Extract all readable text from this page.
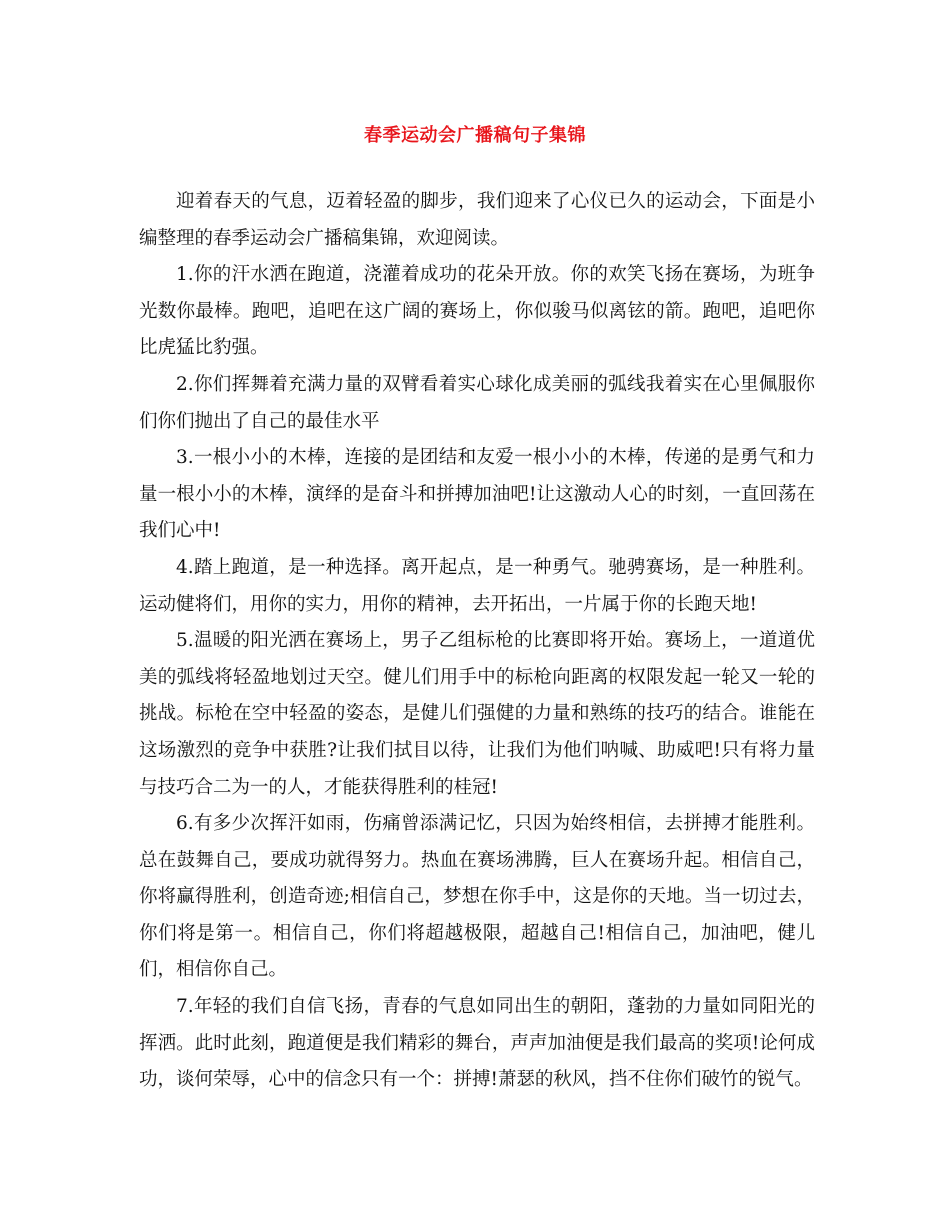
春季运动会广播稿句子集锦

迎着春天的气息，迈着轻盈的脚步，我们迎来了心仪已久的运动会，下面是小编整理的春季运动会广播稿集锦，欢迎阅读。

1.你的汗水洒在跑道，浇灌着成功的花朵开放。你的欢笑飞扬在赛场，为班争光数你最棒。跑吧，追吧在这广阔的赛场上，你似骏马似离铉的箭。跑吧，追吧你比虎猛比豹强。

2.你们挥舞着充满力量的双臂看着实心球化成美丽的弧线我着实在心里佩服你们你们抛出了自己的最佳水平

3.一根小小的木棒，连接的是团结和友爱一根小小的木棒，传递的是勇气和力量一根小小的木棒，演绎的是奋斗和拼搏加油吧!让这激动人心的时刻，一直回荡在我们心中!

4.踏上跑道，是一种选择。离开起点，是一种勇气。驰骋赛场，是一种胜利。运动健将们，用你的实力，用你的精神，去开拓出，一片属于你的长跑天地!

5.温暖的阳光洒在赛场上，男子乙组标枪的比赛即将开始。赛场上，一道道优美的弧线将轻盈地划过天空。健儿们用手中的标枪向距离的权限发起一轮又一轮的挑战。标枪在空中轻盈的姿态，是健儿们强健的力量和熟练的技巧的结合。谁能在这场激烈的竞争中获胜?让我们拭目以待，让我们为他们呐喊、助威吧!只有将力量与技巧合二为一的人，才能获得胜利的桂冠!

6.有多少次挥汗如雨，伤痛曾添满记忆，只因为始终相信，去拼搏才能胜利。总在鼓舞自己，要成功就得努力。热血在赛场沸腾，巨人在赛场升起。相信自己，你将赢得胜利，创造奇迹;相信自己，梦想在你手中，这是你的天地。当一切过去，你们将是第一。相信自己，你们将超越极限，超越自己!相信自己，加油吧，健儿们，相信你自己。

7.年轻的我们自信飞扬，青春的气息如同出生的朝阳，蓬勃的力量如同阳光的挥洒。此时此刻，跑道便是我们精彩的舞台，声声加油便是我们最高的奖项!论何成功，谈何荣辱，心中的信念只有一个：拼搏!萧瑟的秋风，挡不住你们破竹的锐气。
